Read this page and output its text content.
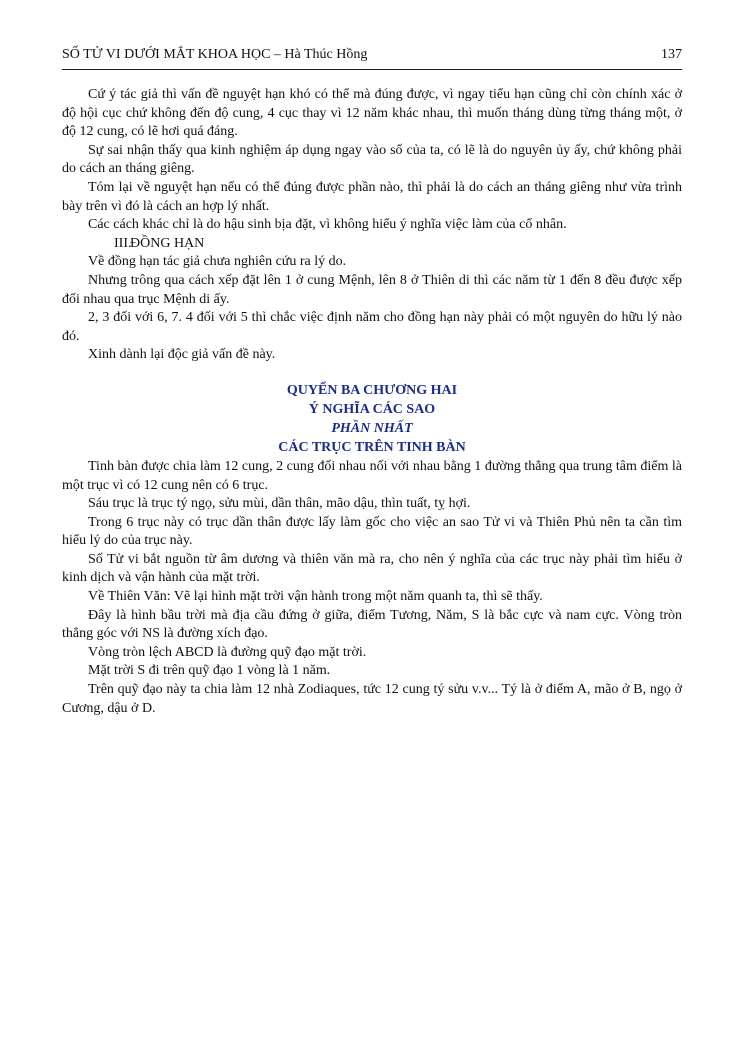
SỐ TỬ VI DƯỚI MẮT KHOA HỌC – Hà Thúc Hồng	137

Cứ ý tác giả thì vấn đề nguyệt hạn khó có thể mà đúng được, vì ngay tiểu hạn cũng chỉ còn chính xác ở độ hội cục chứ không đến độ cung, 4 cục thay vì 12 năm khác nhau, thì muốn tháng dùng từng tháng một, ở độ 12 cung, có lẽ hơi quá đáng.

Sự sai nhận thấy qua kinh nghiệm áp dụng ngay vào số của ta, có lẽ là do nguyên ủy ấy, chứ không phải do cách an tháng giêng.

Tóm lại về nguyệt hạn nếu có thể đúng được phần nào, thì phải là do cách an tháng giêng như vừa trình bày trên vì đó là cách an hợp lý nhất.

Các cách khác chỉ là do hậu sinh bịa đặt, vì không hiểu ý nghĩa việc làm của cổ nhân.

III.ĐỒNG HẠN

Về đồng hạn tác giả chưa nghiên cứu ra lý do.

Nhưng trông qua cách xếp đặt lên 1 ở cung Mệnh, lên 8 ở Thiên di thì các năm từ 1 đến 8 đều được xếp đối nhau qua trục Mệnh di ấy.

2, 3 đối với 6, 7. 4 đối với 5 thì chắc việc định năm cho đồng hạn này phải có một nguyên do hữu lý nào đó.

Xinh dành lại độc giả vấn đề này.

QUYỂN BA CHƯƠNG HAI
Ý NGHĨA CÁC SAO
PHẦN NHẤT
CÁC TRỤC TRÊN TINH BÀN

Tinh bàn được chia làm 12 cung, 2 cung đối nhau nối với nhau bằng 1 đường thẳng qua trung tâm điểm là một trục vì có 12 cung nên có 6 trục.

Sáu trục là trục tý ngọ, sửu mùi, dần thân, mão dậu, thìn tuất, tỵ hợi.

Trong 6 trục này có trục dần thân được lấy làm gốc cho việc an sao Tử vi và Thiên Phủ nên ta cần tìm hiểu lý do của trục này.

Số Tử vi bắt nguồn từ âm dương và thiên văn mà ra, cho nên ý nghĩa của các trục này phải tìm hiểu ở kinh dịch và vận hành của mặt trời.

Về Thiên Văn: Vẽ lại hình mặt trời vận hành trong một năm quanh ta, thì sẽ thấy.

Đây là hình bầu trời mà địa cầu đứng ở giữa, điểm Tương, Năm, S là bắc cực và nam cực. Vòng tròn thẳng góc với NS là đường xích đạo.

Vòng tròn lệch ABCD là đường quỹ đạo mặt trời.

Mặt trời S đi trên quỹ đạo 1 vòng là 1 năm.

Trên quỹ đạo này ta chia làm 12 nhà Zodiaques, tức 12 cung tý sửu v.v... Tý là ở điểm A, mão ở B, ngọ ở Cương, dậu ở D.
